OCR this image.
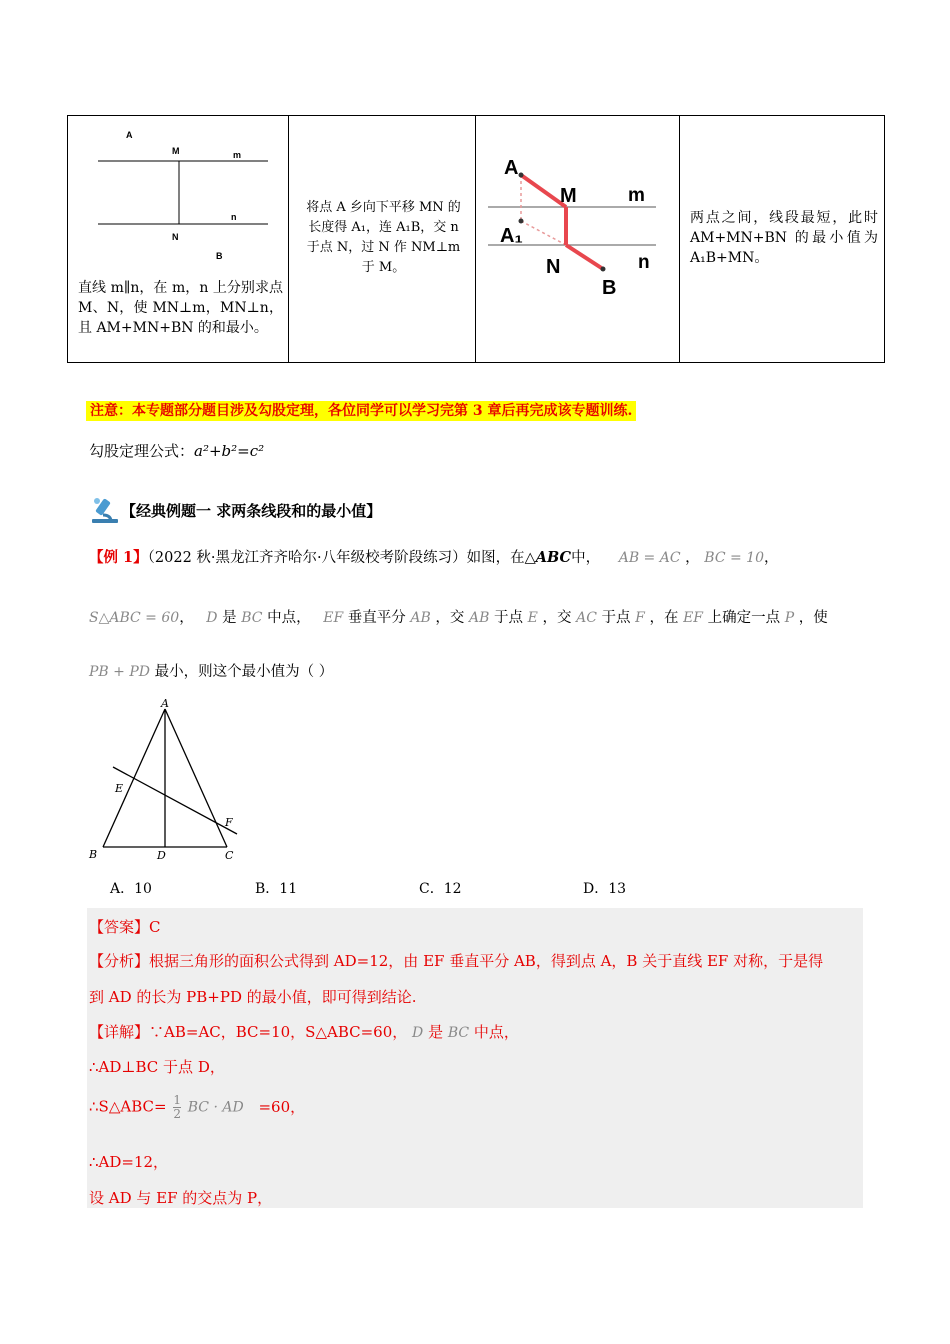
A
M	m
n
N
B
直线 m∥n，在 m，n 上分别求点 M、N，使 MN⊥m，MN⊥n，且 AM+MN+BN 的和最小。

将点 A 乡向下平移 MN 的长度得 A₁，连 A₁B，交 n 于点 N，过 N 作 NM⊥m 于 M。

A
M	m
A₁
N	n
B

两点之间，线段最短，此时 AM+MN+BN 的最小值为 A₁B+MN。
注意：本专题部分题目涉及勾股定理，各位同学可以学习完第 3 章后再完成该专题训练.
勾股定理公式：a²+b²=c²
【经典例题一 求两条线段和的最小值】
【例 1】（2022 秋·黑龙江齐齐哈尔·八年级校考阶段练习）如图，在△ABC中， AB = AC ， BC = 10，
S△ABC = 60， D 是 BC 中点， EF 垂直平分 AB ，交 AB 于点 E ，交 AC 于点 F ，在 EF 上确定一点 P ，使
PB + PD 最小，则这个最小值为（ ）
A
B	C
D
E
F
A．10	B．11	C．12	D．13
【答案】C
【分析】根据三角形的面积公式得到 AD=12，由 EF 垂直平分 AB，得到点 A，B 关于直线 EF 对称，于是得
到 AD 的长为 PB+PD 的最小值，即可得到结论.
【详解】∵AB=AC，BC=10，S△ABC=60， D 是 BC 中点，
∴AD⊥BC 于点 D，
∴S△ABC= $\frac{1}{2}$ BC · AD =60，
∴AD=12，
设 AD 与 EF 的交点为 P，
